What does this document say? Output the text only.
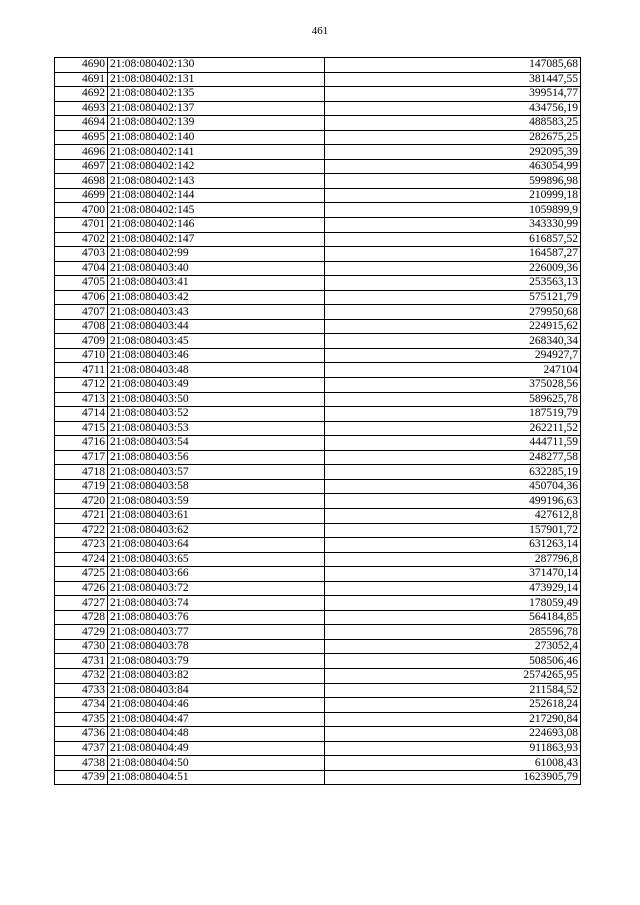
461
4690	21:08:080402:130	147085,68
4691	21:08:080402:131	381447,55
4692	21:08:080402:135	399514,77
4693	21:08:080402:137	434756,19
4694	21:08:080402:139	488583,25
4695	21:08:080402:140	282675,25
4696	21:08:080402:141	292095,39
4697	21:08:080402:142	463054,99
4698	21:08:080402:143	599896,98
4699	21:08:080402:144	210999,18
4700	21:08:080402:145	1059899,9
4701	21:08:080402:146	343330,99
4702	21:08:080402:147	616857,52
4703	21:08:080402:99	164587,27
4704	21:08:080403:40	226009,36
4705	21:08:080403:41	253563,13
4706	21:08:080403:42	575121,79
4707	21:08:080403:43	279950,68
4708	21:08:080403:44	224915,62
4709	21:08:080403:45	268340,34
4710	21:08:080403:46	294927,7
4711	21:08:080403:48	247104
4712	21:08:080403:49	375028,56
4713	21:08:080403:50	589625,78
4714	21:08:080403:52	187519,79
4715	21:08:080403:53	262211,52
4716	21:08:080403:54	444711,59
4717	21:08:080403:56	248277,58
4718	21:08:080403:57	632285,19
4719	21:08:080403:58	450704,36
4720	21:08:080403:59	499196,63
4721	21:08:080403:61	427612,8
4722	21:08:080403:62	157901,72
4723	21:08:080403:64	631263,14
4724	21:08:080403:65	287796,8
4725	21:08:080403:66	371470,14
4726	21:08:080403:72	473929,14
4727	21:08:080403:74	178059,49
4728	21:08:080403:76	564184,85
4729	21:08:080403:77	285596,78
4730	21:08:080403:78	273052,4
4731	21:08:080403:79	508506,46
4732	21:08:080403:82	2574265,95
4733	21:08:080403:84	211584,52
4734	21:08:080404:46	252618,24
4735	21:08:080404:47	217290,84
4736	21:08:080404:48	224693,08
4737	21:08:080404:49	911863,93
4738	21:08:080404:50	61008,43
4739	21:08:080404:51	1623905,79
